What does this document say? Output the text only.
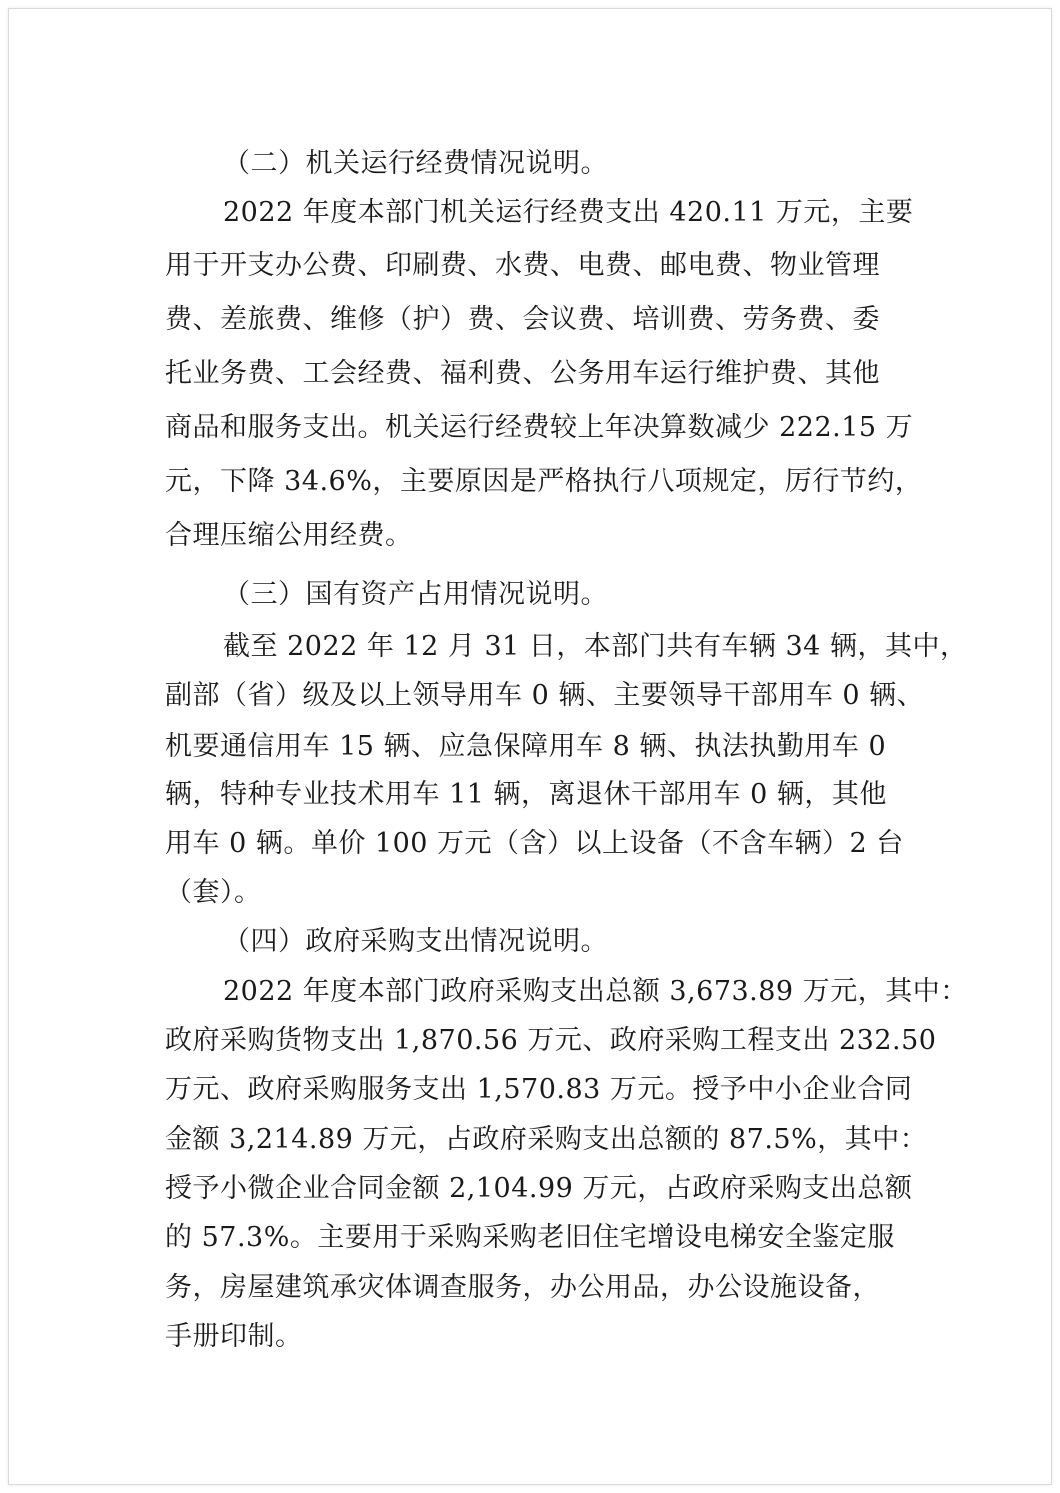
（二）机关运行经费情况说明。
2022 年度本部门机关运行经费支出 420.11 万元，主要
用于开支办公费、印刷费、水费、电费、邮电费、物业管理
费、差旅费、维修（护）费、会议费、培训费、劳务费、委
托业务费、工会经费、福利费、公务用车运行维护费、其他
商品和服务支出。机关运行经费较上年决算数减少 222.15 万
元，下降 34.6%，主要原因是严格执行八项规定，厉行节约，
合理压缩公用经费。
（三）国有资产占用情况说明。
截至 2022 年 12 月 31 日，本部门共有车辆 34 辆，其中，
副部（省）级及以上领导用车 0 辆、主要领导干部用车 0 辆、
机要通信用车 15 辆、应急保障用车 8 辆、执法执勤用车 0
辆，特种专业技术用车 11 辆，离退休干部用车 0 辆，其他
用车 0 辆。单价 100 万元（含）以上设备（不含车辆）2 台
（套）。
（四）政府采购支出情况说明。
2022 年度本部门政府采购支出总额 3,673.89 万元，其中：
政府采购货物支出 1,870.56 万元、政府采购工程支出 232.50
万元、政府采购服务支出 1,570.83 万元。授予中小企业合同
金额 3,214.89 万元，占政府采购支出总额的 87.5%，其中：
授予小微企业合同金额 2,104.99 万元，占政府采购支出总额
的 57.3%。主要用于采购采购老旧住宅增设电梯安全鉴定服
务，房屋建筑承灾体调查服务，办公用品，办公设施设备，
手册印制。
